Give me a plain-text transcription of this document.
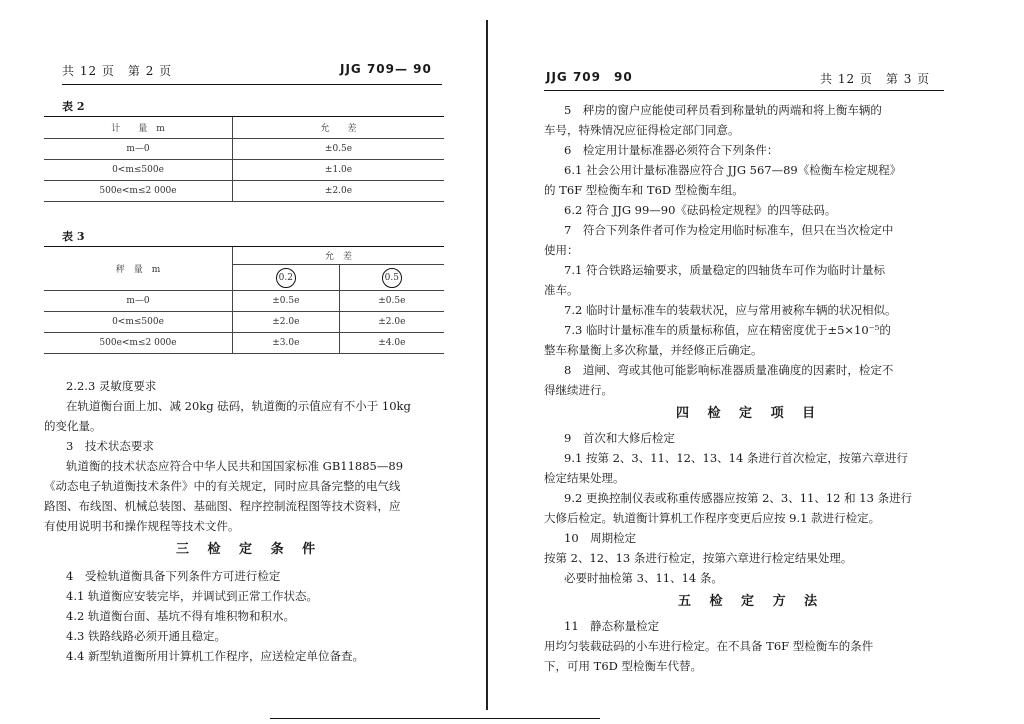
共 12 页　第 2 页	JJG 709— 90
表 2
计　　量　m	允　　差
m—0	±0.5e
0<m≤500e	±1.0e
500e<m≤2 000e	±2.0e
表 3
秤　量　m	允　差	
	0.2	0.5
m—0	±0.5e	±0.5e
0<m≤500e	±2.0e	±2.0e
500e<m≤2 000e	±3.0e	±4.0e
2.2.3 灵敏度要求
在轨道衡台面上加、减 20kg 砝码，轨道衡的示值应有不小于 10kg
的变化量。
3　技术状态要求
轨道衡的技术状态应符合中华人民共和国国家标准 GB11885—89
《动态电子轨道衡技术条件》中的有关规定，同时应具备完整的电气线
路图、布线图、机械总装图、基础图、程序控制流程图等技术资料，应
有使用说明书和操作规程等技术文件。
三 检 定 条 件
4　受检轨道衡具备下列条件方可进行检定
4.1 轨道衡应安装完毕，并调试到正常工作状态。
4.2 轨道衡台面、基坑不得有堆积物和积水。
4.3 铁路线路必须开通且稳定。
4.4 新型轨道衡所用计算机工作程序，应送检定单位备查。
JJG 709　90	共 12 页　第 3 页
5　秤房的窗户应能使司秤员看到称量轨的两端和将上衡车辆的
车号，特殊情况应征得检定部门同意。
6　检定用计量标准器必须符合下列条件：
6.1 社会公用计量标准器应符合 JJG 567—89《检衡车检定规程》
的 T6F 型检衡车和 T6D 型检衡车组。
6.2 符合 JJG 99—90《砝码检定规程》的四等砝码。
7　符合下列条件者可作为检定用临时标准车，但只在当次检定中
使用：
7.1 符合铁路运输要求，质量稳定的四轴货车可作为临时计量标
准车。
7.2 临时计量标准车的装载状况，应与常用被称车辆的状况相似。
7.3 临时计量标准车的质量标称值，应在精密度优于±5×10⁻⁵的
整车称量衡上多次称量，并经修正后确定。
8　道闸、弯或其他可能影响标准器质量准确度的因素时，检定不
得继续进行。
四 检 定 项 目
9　首次和大修后检定
9.1 按第 2、3、11、12、13、14 条进行首次检定，按第六章进行
检定结果处理。
9.2 更换控制仪表或称重传感器应按第 2、3、11、12 和 13 条进行
大修后检定。轨道衡计算机工作程序变更后应按 9.1 款进行检定。
10　周期检定
按第 2、12、13 条进行检定，按第六章进行检定结果处理。
必要时抽检第 3、11、14 条。
五 检 定 方 法
11　静态称量检定
用均匀装载砝码的小车进行检定。在不具备 T6F 型检衡车的条件
下，可用 T6D 型检衡车代替。
